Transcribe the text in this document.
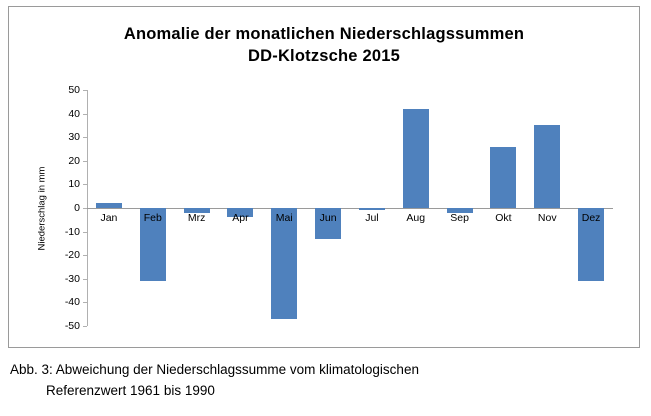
Anomalie der monatlichen Niederschlagssummen
DD-Klotzsche 2015
Niederschlag in mm
50
40
30
20
10
0
-10
-20
-30
-40
-50
Jan	Feb Mrz	Apr	Mai	Jun	Jul	Aug Sep	Okt	Nov Dez
Abb. 3: Abweichung der Niederschlagssumme vom klimatologischen
Referenzwert 1961 bis 1990
